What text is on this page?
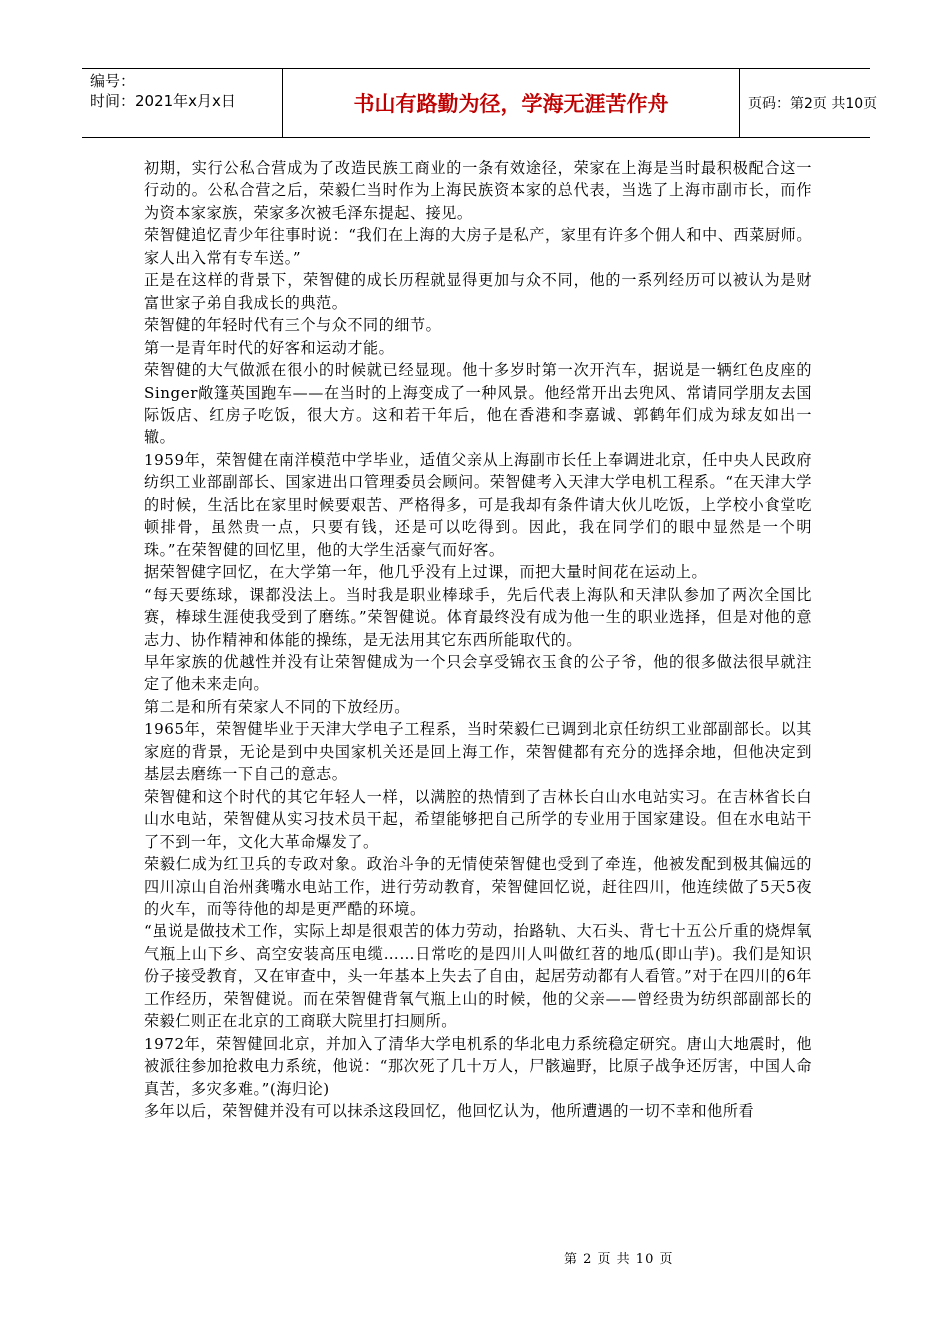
编号：
时间：2021年x月x日	书山有路勤为径，学海无涯苦作舟	页码：第2页 共10页

初期，实行公私合营成为了改造民族工商业的一条有效途径，荣家在上海是当时最积极配合这一行动的。公私合营之后，荣毅仁当时作为上海民族资本家的总代表，当选了上海市副市长，而作为资本家家族，荣家多次被毛泽东提起、接见。

荣智健追忆青少年往事时说：“我们在上海的大房子是私产，家里有许多个佣人和中、西菜厨师。家人出入常有专车送。”

正是在这样的背景下，荣智健的成长历程就显得更加与众不同，他的一系列经历可以被认为是财富世家子弟自我成长的典范。

荣智健的年轻时代有三个与众不同的细节。

第一是青年时代的好客和运动才能。

荣智健的大气做派在很小的时候就已经显现。他十多岁时第一次开汽车，据说是一辆红色皮座的Singer敞篷英国跑车——在当时的上海变成了一种风景。他经常开出去兜风、常请同学朋友去国际饭店、红房子吃饭，很大方。这和若干年后，他在香港和李嘉诚、郭鹤年们成为球友如出一辙。

1959年，荣智健在南洋模范中学毕业，适值父亲从上海副市长任上奉调进北京，任中央人民政府纺织工业部副部长、国家进出口管理委员会顾问。荣智健考入天津大学电机工程系。“在天津大学的时候，生活比在家里时候要艰苦、严格得多，可是我却有条件请大伙儿吃饭，上学校小食堂吃顿排骨，虽然贵一点，只要有钱，还是可以吃得到。因此，我在同学们的眼中显然是一个明珠。”在荣智健的回忆里，他的大学生活豪气而好客。

据荣智健字回忆，在大学第一年，他几乎没有上过课，而把大量时间花在运动上。

“每天要练球，课都没法上。当时我是职业棒球手，先后代表上海队和天津队参加了两次全国比赛，棒球生涯使我受到了磨练。”荣智健说。体育最终没有成为他一生的职业选择，但是对他的意志力、协作精神和体能的操练，是无法用其它东西所能取代的。

早年家族的优越性并没有让荣智健成为一个只会享受锦衣玉食的公子爷，他的很多做法很早就注定了他未来走向。

第二是和所有荣家人不同的下放经历。

1965年，荣智健毕业于天津大学电子工程系，当时荣毅仁已调到北京任纺织工业部副部长。以其家庭的背景，无论是到中央国家机关还是回上海工作，荣智健都有充分的选择余地，但他决定到基层去磨练一下自己的意志。

荣智健和这个时代的其它年轻人一样，以满腔的热情到了吉林长白山水电站实习。在吉林省长白山水电站，荣智健从实习技术员干起，希望能够把自己所学的专业用于国家建设。但在水电站干了不到一年，文化大革命爆发了。

荣毅仁成为红卫兵的专政对象。政治斗争的无情使荣智健也受到了牵连，他被发配到极其偏远的四川凉山自治州龚嘴水电站工作，进行劳动教育，荣智健回忆说，赶往四川，他连续做了5天5夜的火车，而等待他的却是更严酷的环境。

“虽说是做技术工作，实际上却是很艰苦的体力劳动，抬路轨、大石头、背七十五公斤重的烧焊氧气瓶上山下乡、高空安装高压电缆……日常吃的是四川人叫做红苕的地瓜(即山芋)。我们是知识份子接受教育，又在审查中，头一年基本上失去了自由，起居劳动都有人看管。”对于在四川的6年工作经历，荣智健说。而在荣智健背氧气瓶上山的时候，他的父亲——曾经贵为纺织部副部长的荣毅仁则正在北京的工商联大院里打扫厕所。

1972年，荣智健回北京，并加入了清华大学电机系的华北电力系统稳定研究。唐山大地震时，他被派往参加抢救电力系统，他说：“那次死了几十万人，尸骸遍野，比原子战争还厉害，中国人命真苦，多灾多难。”(海归论)

多年以后，荣智健并没有可以抹杀这段回忆，他回忆认为，他所遭遇的一切不幸和他所看

第 2 页 共 10 页
